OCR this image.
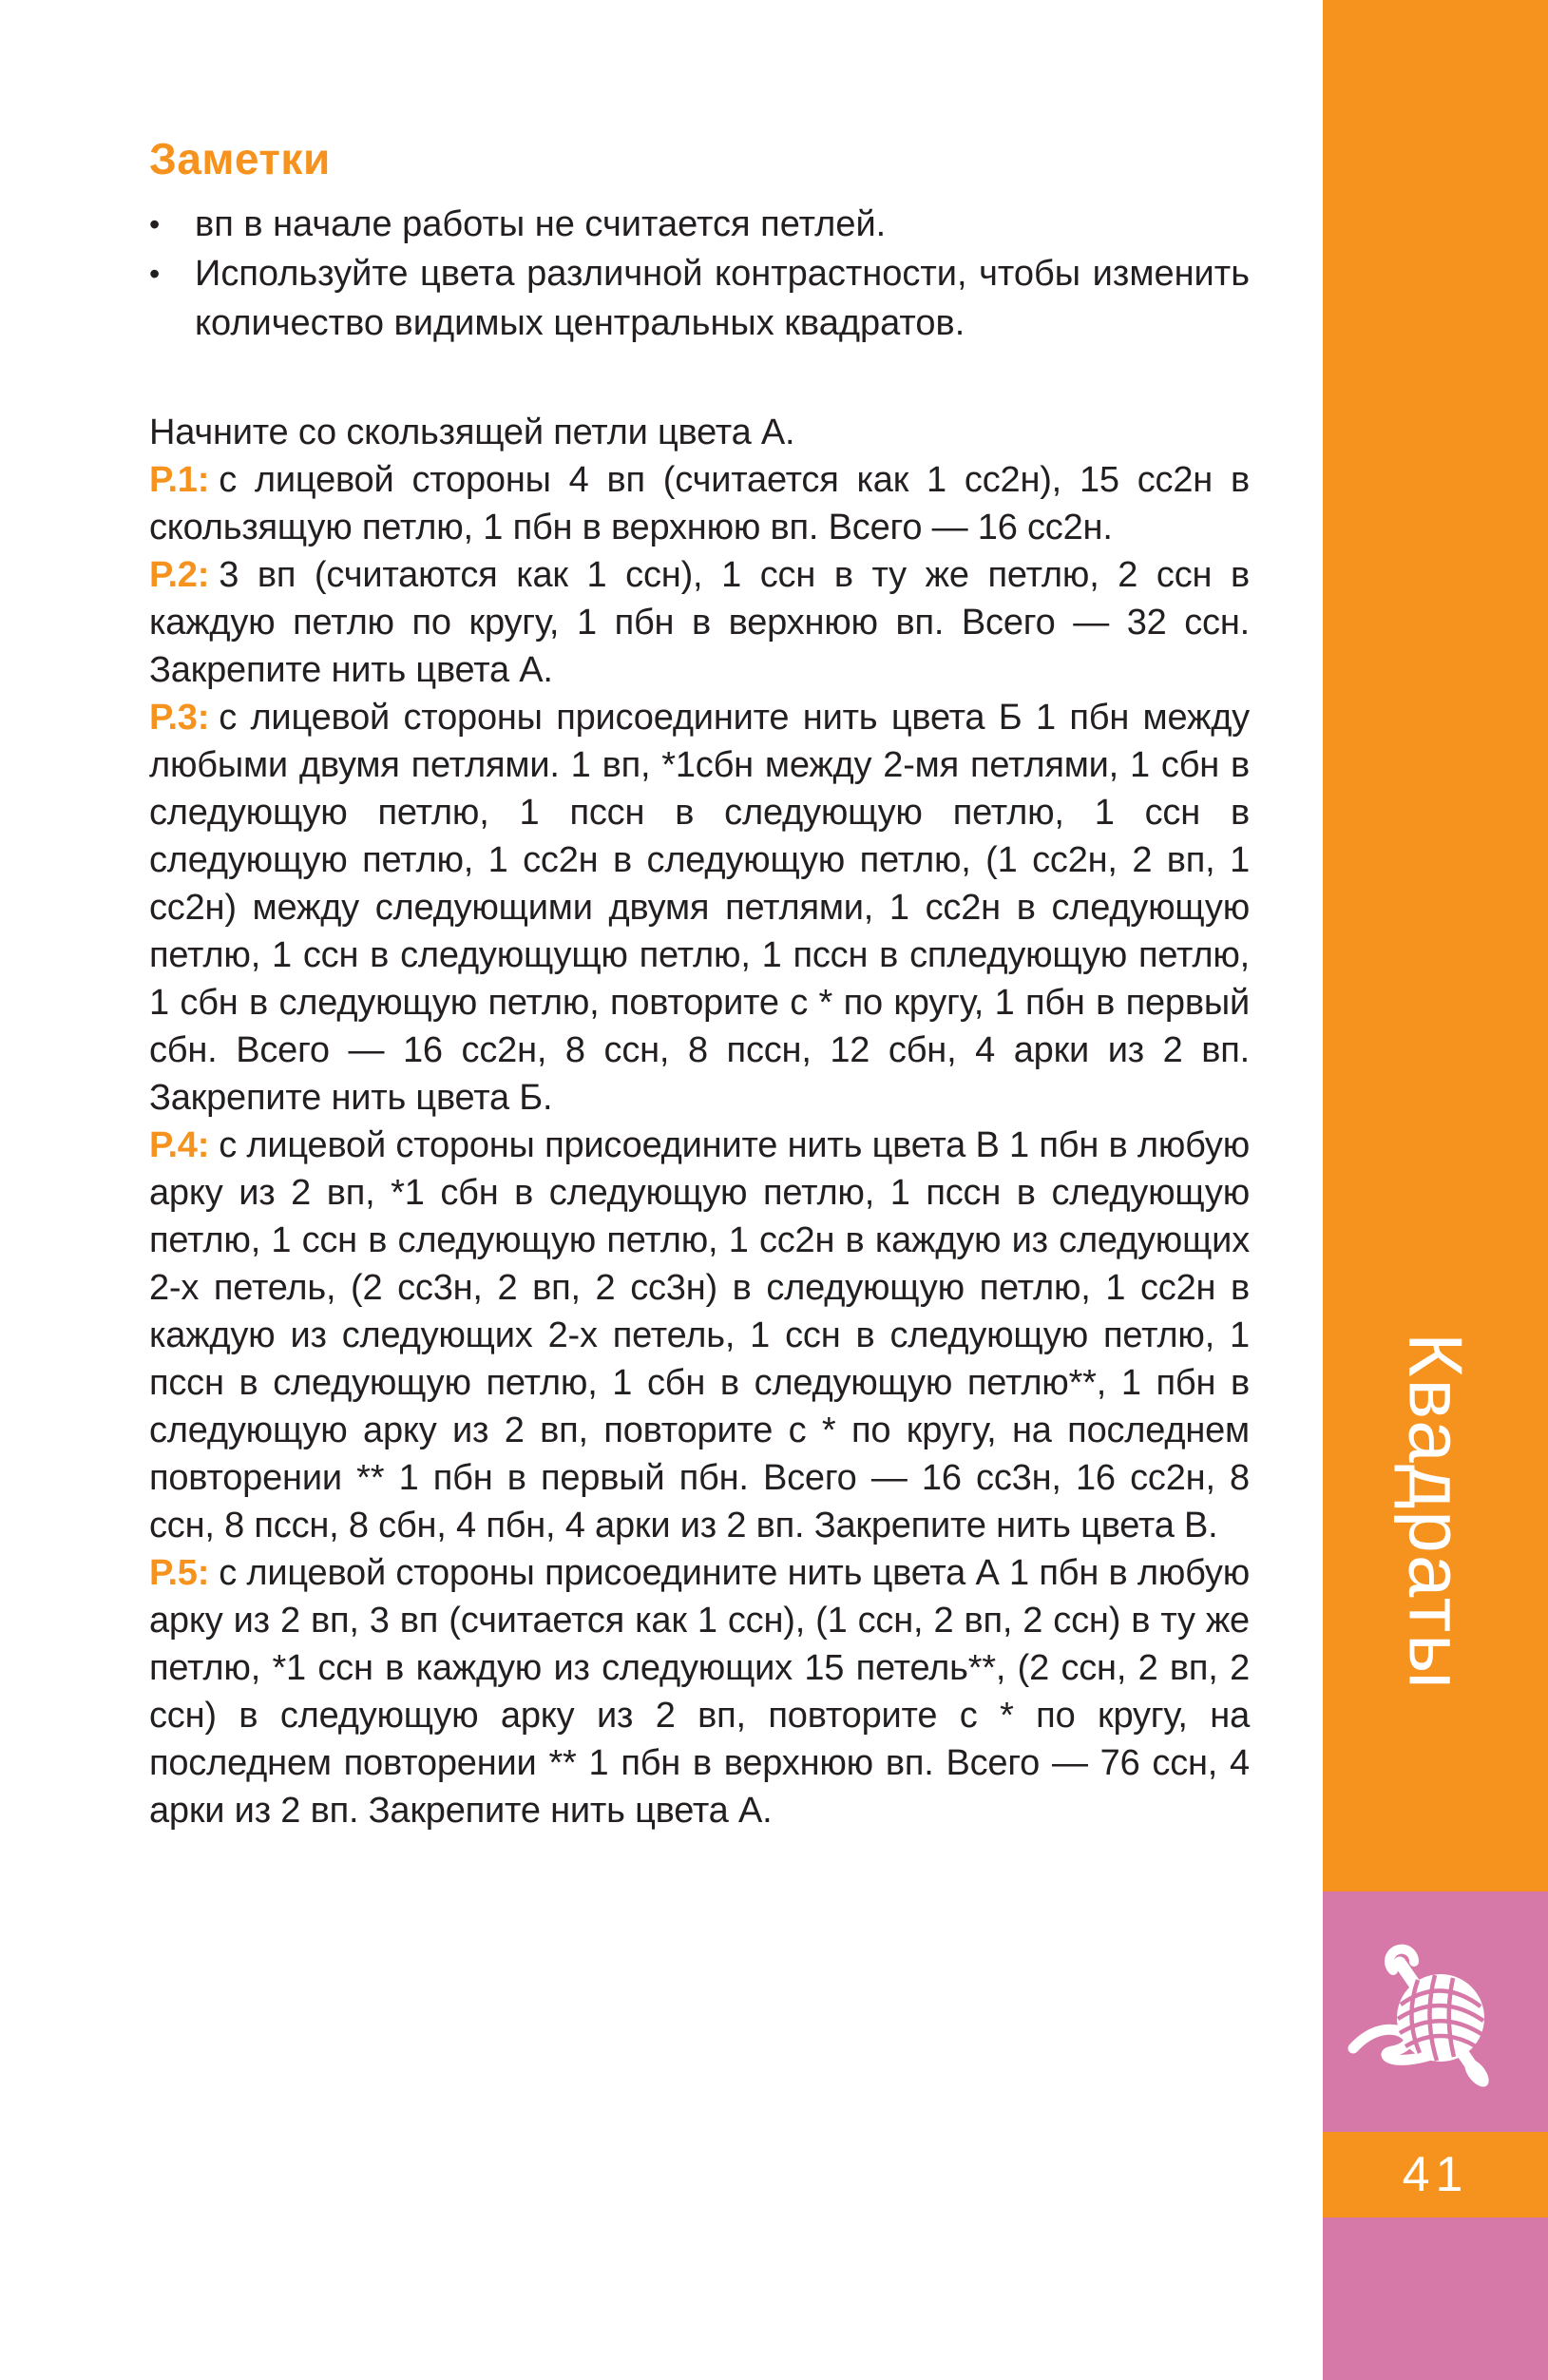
Заметки
• вп в начале работы не считается петлей.
• Используйте цвета различной контрастности, чтобы изменить количество видимых центральных квадратов.

Начните со скользящей петли цвета А.

Р.1: с лицевой стороны 4 вп (считается как 1 сс2н), 15 сс2н в скользящую петлю, 1 пбн в верхнюю вп. Всего — 16 сс2н.

Р.2: 3 вп (считаются как 1 ссн), 1 ссн в ту же петлю, 2 ссн в каждую петлю по кругу, 1 пбн в верхнюю вп. Всего — 32 ссн. Закрепите нить цвета А.

Р.3: с лицевой стороны присоедините нить цвета Б 1 пбн между любыми двумя петлями. 1 вп, *1сбн между 2-мя петлями, 1 сбн в следующую петлю, 1 пссн в следующую петлю, 1 ссн в следующую петлю, 1 сс2н в следующую петлю, (1 сс2н, 2 вп, 1 сс2н) между следующими двумя петлями, 1 сс2н в следующую петлю, 1 ссн в следующущю петлю, 1 пссн в спледующую петлю, 1 сбн в следующую петлю, повторите с * по кругу, 1 пбн в первый сбн. Всего — 16 сс2н, 8 ссн, 8 пссн, 12 сбн, 4 арки из 2 вп. Закрепите нить цвета Б.

Р.4: с лицевой стороны присоедините нить цвета В 1 пбн в любую арку из 2 вп, *1 сбн в следующую петлю, 1 пссн в следующую петлю, 1 ссн в следующую петлю, 1 сс2н в каждую из следующих 2-х петель, (2 сс3н, 2 вп, 2 сс3н) в следующую петлю, 1 сс2н в каждую из следующих 2-х петель, 1 ссн в следующую петлю, 1 пссн в следующую петлю, 1 сбн в следующую петлю**, 1 пбн в следующую арку из 2 вп, повторите с * по кругу, на последнем повторении ** 1 пбн в первый пбн. Всего — 16 сс3н, 16 сс2н, 8 ссн, 8 пссн, 8 сбн, 4 пбн, 4 арки из 2 вп. Закрепите нить цвета В.

Р.5: с лицевой стороны присоедините нить цвета А 1 пбн в любую арку из 2 вп, 3 вп (считается как 1 ссн), (1 ссн, 2 вп, 2 ссн) в ту же петлю, *1 ссн в каждую из следующих 15 петель**, (2 ссн, 2 вп, 2 ссн) в следующую арку из 2 вп, повторите с * по кругу, на последнем повторении ** 1 пбн в верхнюю вп. Всего — 76 ссн, 4 арки из 2 вп. Закрепите нить цвета А.

Квадраты
41
